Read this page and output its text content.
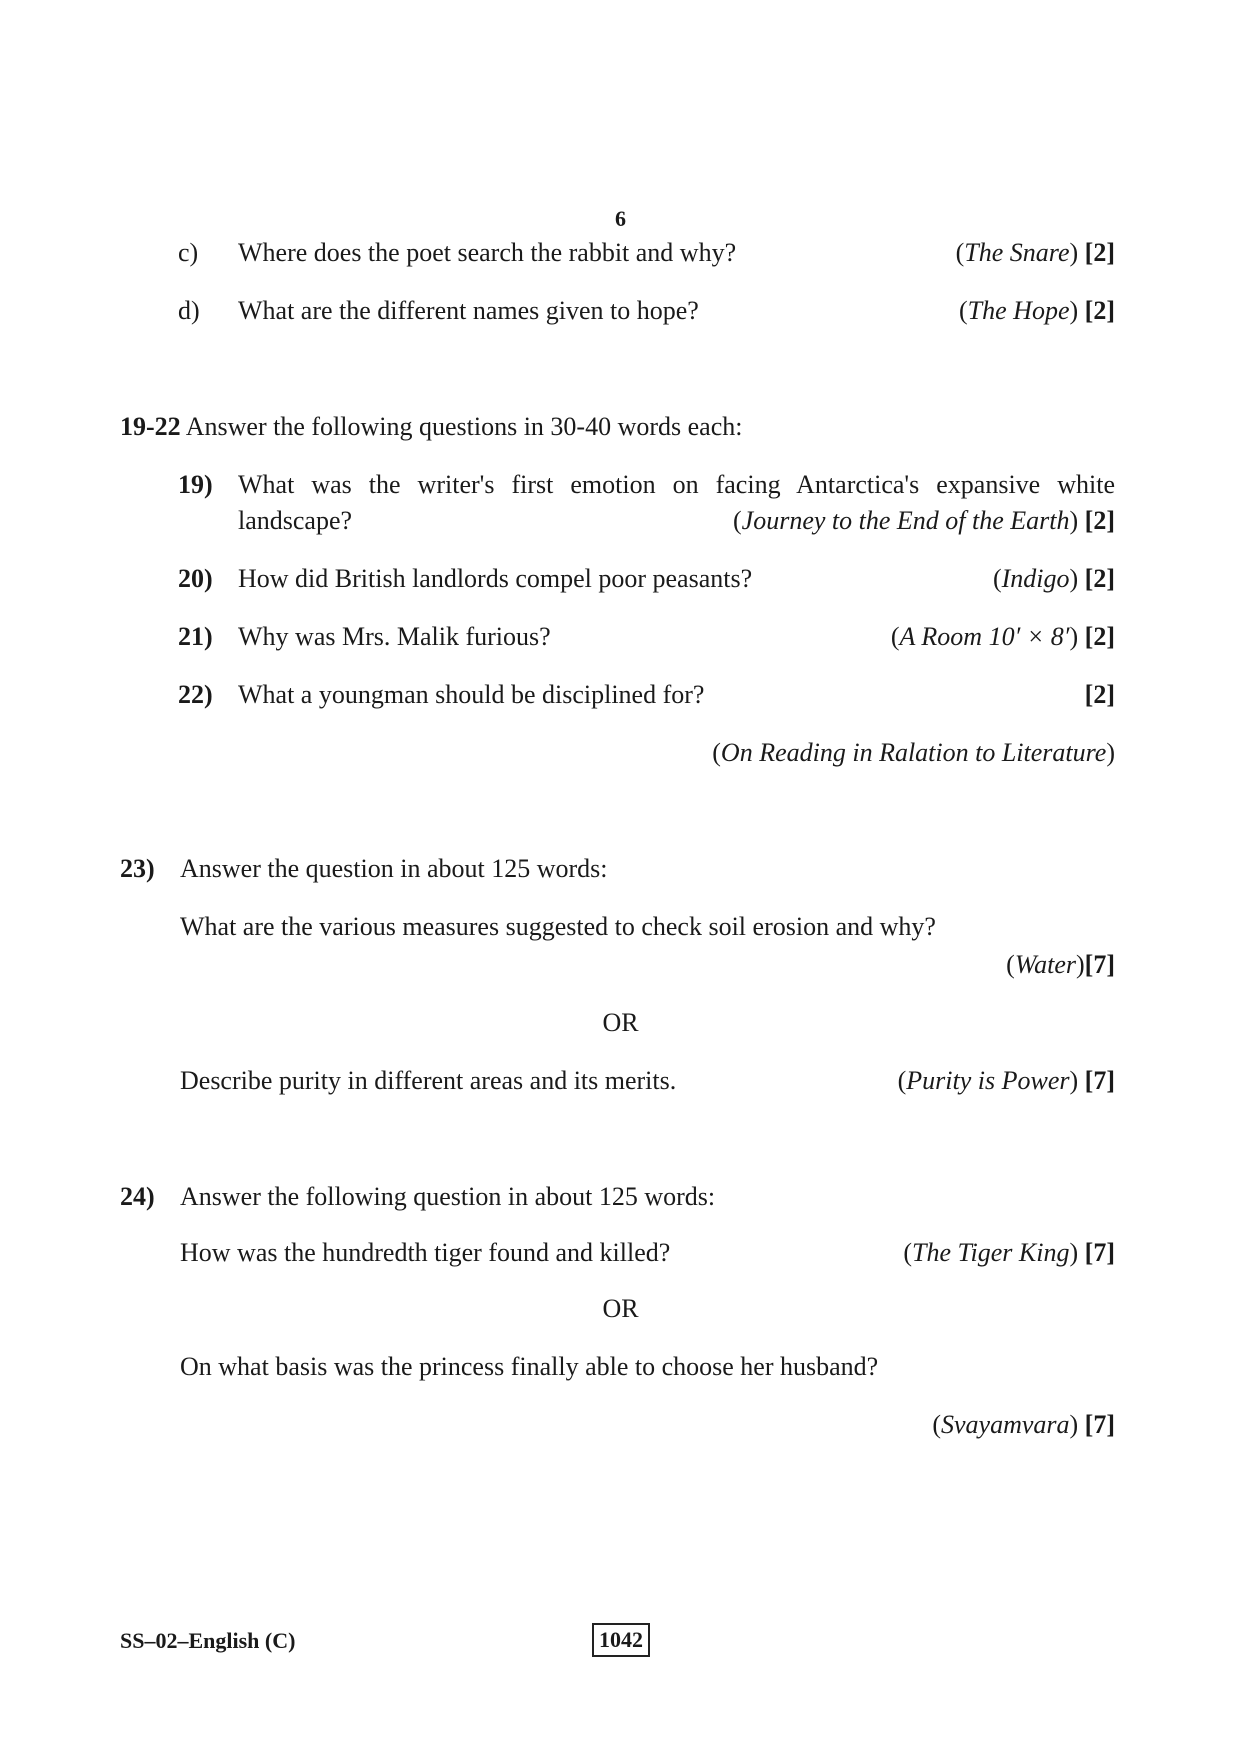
6
c) Where does the poet search the rabbit and why?	(The Snare) [2]
d) What are the different names given to hope?	(The Hope) [2]
19-22 Answer the following questions in 30-40 words each:
19) What was the writer's first emotion on facing Antarctica's expansive white
landscape?	(Journey to the End of the Earth) [2]
20) How did British landlords compel poor peasants?	(Indigo) [2]
21) Why was Mrs. Malik furious?	(A Room 10′ × 8′) [2]
22) What a youngman should be disciplined for?	[2]
(On Reading in Ralation to Literature)
23) Answer the question in about 125 words:
What are the various measures suggested to check soil erosion and why?
(Water)[7]
OR
Describe purity in different areas and its merits.	(Purity is Power) [7]
24) Answer the following question in about 125 words:
How was the hundredth tiger found and killed?	(The Tiger King) [7]
OR
On what basis was the princess finally able to choose her husband?
(Svayamvara) [7]
SS–02–English (C)	1042
